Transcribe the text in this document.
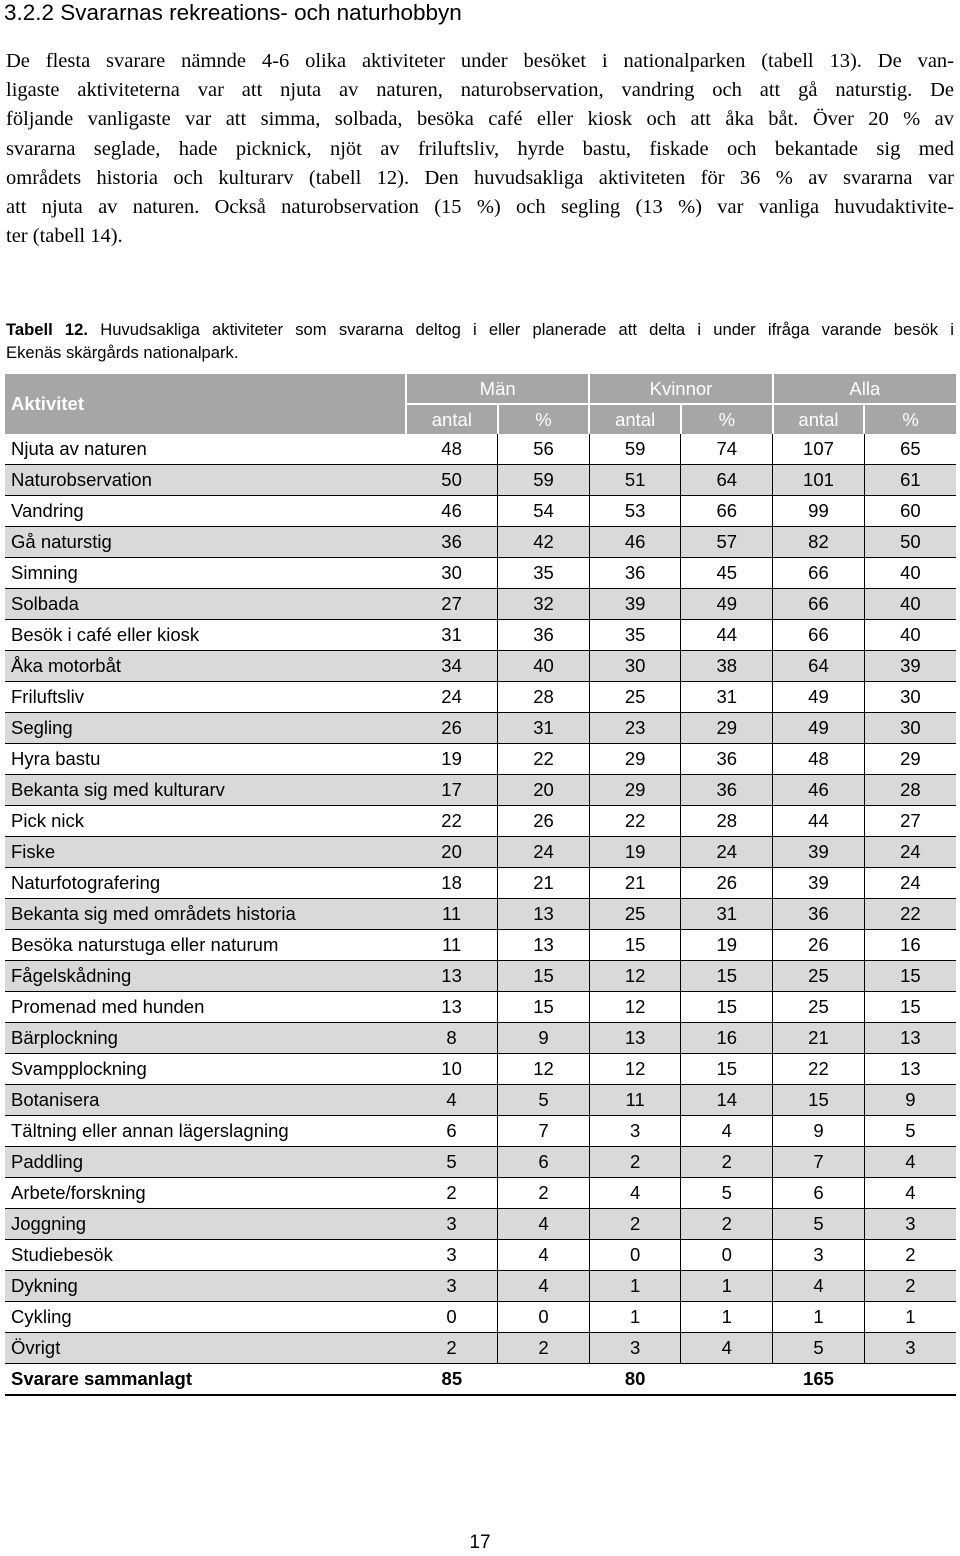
3.2.2 Svararnas rekreations- och naturhobbyn
De flesta svarare nämnde 4-6 olika aktiviteter under besöket i nationalparken (tabell 13). De van-
ligaste aktiviteterna var att njuta av naturen, naturobservation, vandring och att gå naturstig. De
följande vanligaste var att simma, solbada, besöka café eller kiosk och att åka båt. Över 20 % av
svararna seglade, hade picknick, njöt av friluftsliv, hyrde bastu, fiskade och bekantade sig med
områdets historia och kulturarv (tabell 12). Den huvudsakliga aktiviteten för 36 % av svararna var
att njuta av naturen. Också naturobservation (15 %) och segling (13 %) var vanliga huvudaktivite-
ter (tabell 14).
Tabell 12. Huvudsakliga aktiviteter som svararna deltog i eller planerade att delta i under ifråga varande besök i
Ekenäs skärgårds nationalpark.
Aktivitet	Män		Kvinnor		Alla	
	antal	%	antal	%	antal	%
Njuta av naturen	48	56	59	74	107	65
Naturobservation	50	59	51	64	101	61
Vandring	46	54	53	66	99	60
Gå naturstig	36	42	46	57	82	50
Simning	30	35	36	45	66	40
Solbada	27	32	39	49	66	40
Besök i café eller kiosk	31	36	35	44	66	40
Åka motorbåt	34	40	30	38	64	39
Friluftsliv	24	28	25	31	49	30
Segling	26	31	23	29	49	30
Hyra bastu	19	22	29	36	48	29
Bekanta sig med kulturarv	17	20	29	36	46	28
Pick nick	22	26	22	28	44	27
Fiske	20	24	19	24	39	24
Naturfotografering	18	21	21	26	39	24
Bekanta sig med områdets historia	11	13	25	31	36	22
Besöka naturstuga eller naturum	11	13	15	19	26	16
Fågelskådning	13	15	12	15	25	15
Promenad med hunden	13	15	12	15	25	15
Bärplockning	8	9	13	16	21	13
Svampplockning	10	12	12	15	22	13
Botanisera	4	5	11	14	15	9
Tältning eller annan lägerslagning	6	7	3	4	9	5
Paddling	5	6	2	2	7	4
Arbete/forskning	2	2	4	5	6	4
Joggning	3	4	2	2	5	3
Studiebesök	3	4	0	0	3	2
Dykning	3	4	1	1	4	2
Cykling	0	0	1	1	1	1
Övrigt	2	2	3	4	5	3
Svarare sammanlagt	85		80		165	
17
